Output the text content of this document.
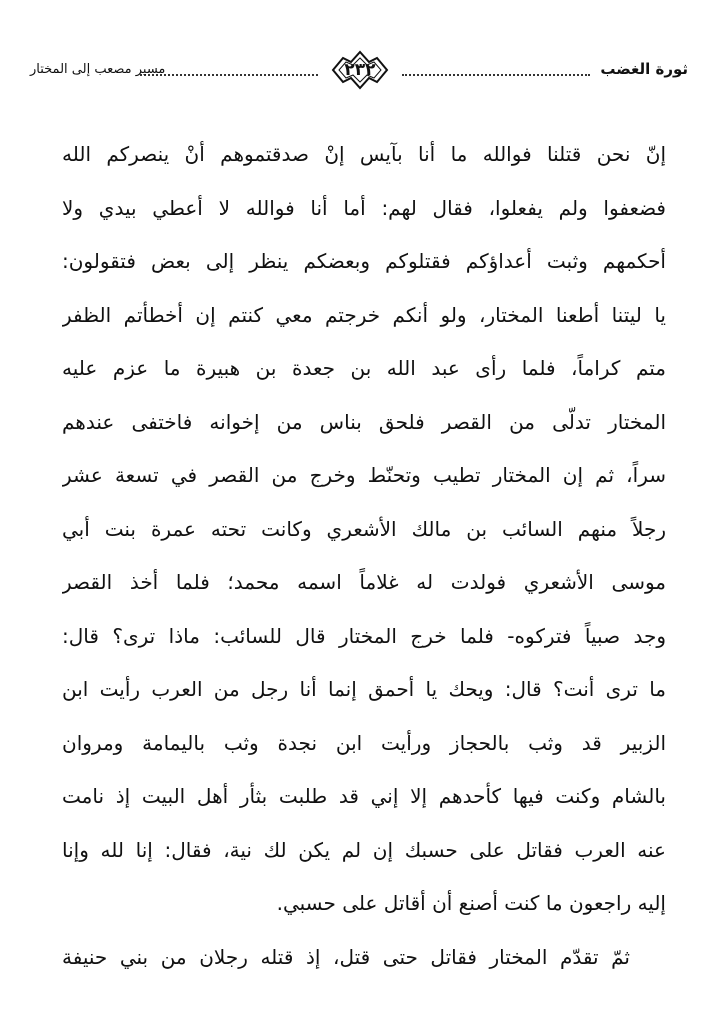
ثورة الغضب
٢٣٢
مسير مصعب إلى المختار
إنّ نحن قتلنا فوالله ما أنا بآيس إنْ صدقتموهم أنْ ينصركم الله
فضعفوا ولم يفعلوا، فقال لهم: أما أنا فوالله لا أعطي بيدي ولا
أحكمهم وثبت أعداؤكم فقتلوكم وبعضكم ينظر إلى بعض فتقولون:
يا ليتنا أطعنا المختار، ولو أنكم خرجتم معي كنتم إن أخطأتم الظفر
متم كراماً، فلما رأى عبد الله بن جعدة بن هبيرة ما عزم عليه
المختار تدلّى من القصر فلحق بناس من إخوانه فاختفى عندهم
سراً، ثم إن المختار تطيب وتحنّط وخرج من القصر في تسعة عشر
رجلاً منهم السائب بن مالك الأشعري وكانت تحته عمرة بنت أبي
موسى الأشعري فولدت له غلاماً اسمه محمد؛ فلما أخذ القصر
وجد صبياً فتركوه- فلما خرج المختار قال للسائب: ماذا ترى؟ قال:
ما ترى أنت؟ قال: ويحك يا أحمق إنما أنا رجل من العرب رأيت ابن
الزبير قد وثب بالحجاز ورأيت ابن نجدة وثب باليمامة ومروان
بالشام وكنت فيها كأحدهم إلا إني قد طلبت بثأر أهل البيت إذ نامت
عنه العرب فقاتل على حسبك إن لم يكن لك نية، فقال: إنا لله وإنا
إليه راجعون ما كنت أصنع أن أقاتل على حسبي.
ثمّ تقدّم المختار فقاتل حتى قتل، إذ قتله رجلان من بني حنيفة
